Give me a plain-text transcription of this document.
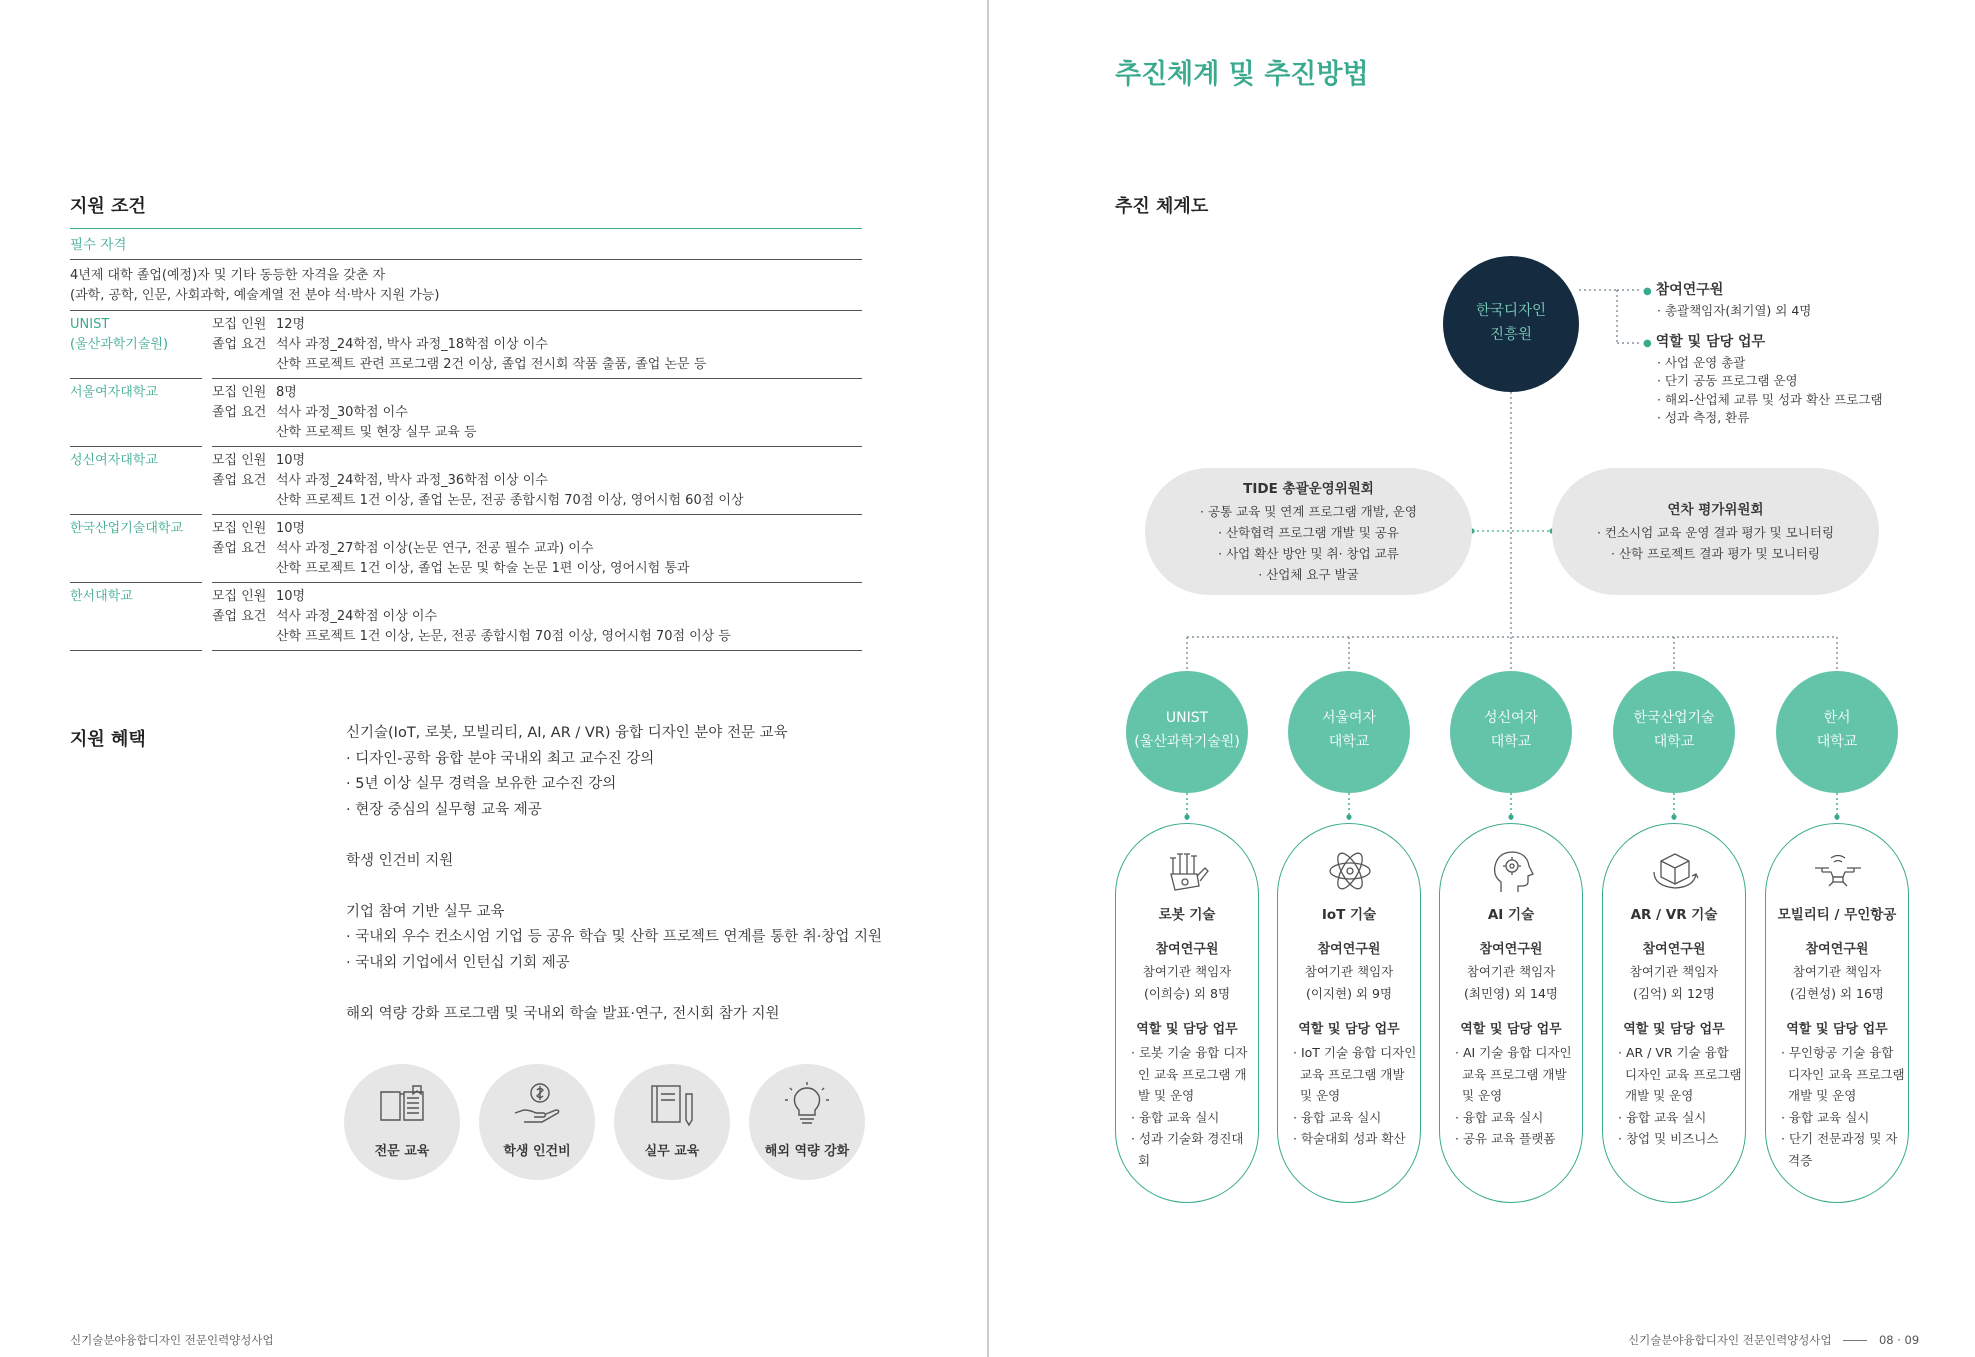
지원 조건
필수 자격
4년제 대학 졸업(예정)자 및 기타 동등한 자격을 갖춘 자
(과학, 공학, 인문, 사회과학, 예술계열 전 분야 석·박사 지원 가능)
UNIST
(울산과학기술원)
모집 인원 12명
졸업 요건 석사 과정_24학점, 박사 과정_18학점 이상 이수
산학 프로젝트 관련 프로그램 2건 이상, 졸업 전시회 작품 출품, 졸업 논문 등
서울여자대학교	모집 인원 8명
졸업 요건 석사 과정_30학점 이수
산학 프로젝트 및 현장 실무 교육 등
성신여자대학교	모집 인원 10명
졸업 요건 석사 과정_24학점, 박사 과정_36학점 이상 이수
산학 프로젝트 1건 이상, 졸업 논문, 전공 종합시험 70점 이상, 영어시험 60점 이상
한국산업기술대학교	모집 인원 10명
졸업 요건 석사 과정_27학점 이상(논문 연구, 전공 필수 교과) 이수
산학 프로젝트 1건 이상, 졸업 논문 및 학술 논문 1편 이상, 영어시험 통과
한서대학교	모집 인원 10명
졸업 요건 석사 과정_24학점 이상 이수
산학 프로젝트 1건 이상, 논문, 전공 종합시험 70점 이상, 영어시험 70점 이상 등
지원 혜택	신기술(IoT, 로봇, 모빌리티, AI, AR / VR) 융합 디자인 분야 전문 교육
· 디자인-공학 융합 분야 국내외 최고 교수진 강의
· 5년 이상 실무 경력을 보유한 교수진 강의
· 현장 중심의 실무형 교육 제공
학생 인건비 지원
기업 참여 기반 실무 교육
· 국내외 우수 컨소시엄 기업 등 공유 학습 및 산학 프로젝트 연계를 통한 취·창업 지원
· 국내외 기업에서 인턴십 기회 제공
해외 역량 강화 프로그램 및 국내외 학술 발표·연구, 전시회 참가 지원
전문 교육	학생 인건비	실무 교육	해외 역량 강화
신기술분야융합디자인 전문인력양성사업
추진체계 및 추진방법
추진 체계도
한국디자인
진흥원
● 참여연구원
· 총괄책임자(최기열) 외 4명
● 역할 및 담당 업무
· 사업 운영 총괄
· 단기 공동 프로그램 운영
· 해외-산업체 교류 및 성과 확산 프로그램
· 성과 측정, 환류
TIDE 총괄운영위원회
· 공통 교육 및 연계 프로그램 개발, 운영
· 산학협력 프로그램 개발 및 공유
· 사업 확산 방안 및 취· 창업 교류
· 산업체 요구 발굴
연차 평가위원회
· 컨소시엄 교육 운영 결과 평가 및 모니터링
· 산학 프로젝트 결과 평가 및 모니터링
UNIST
(울산과학기술원)
서울여자
대학교
성신여자
대학교
한국산업기술
대학교
한서
대학교
로봇 기술
참여연구원
참여기관 책임자
(이희승) 외 8명
역할 및 담당 업무
· 로봇 기술 융합 디자인 교육 프로그램 개발 및 운영
· 융합 교육 실시
· 성과 기술화 경진대회
IoT 기술
참여연구원
참여기관 책임자
(이지현) 외 9명
역할 및 담당 업무
· IoT 기술 융합 디자인 교육 프로그램 개발 및 운영
· 융합 교육 실시
· 학술대회 성과 확산
AI 기술
참여연구원
참여기관 책임자
(최민영) 외 14명
역할 및 담당 업무
· AI 기술 융합 디자인 교육 프로그램 개발 및 운영
· 융합 교육 실시
· 공유 교육 플랫폼
AR / VR 기술
참여연구원
참여기관 책임자
(김억) 외 12명
역할 및 담당 업무
· AR / VR 기술 융합 디자인 교육 프로그램 개발 및 운영
· 융합 교육 실시
· 창업 및 비즈니스
모빌리티 / 무인항공
참여연구원
참여기관 책임자
(김현성) 외 16명
역할 및 담당 업무
· 무인항공 기술 융합 디자인 교육 프로그램 개발 및 운영
· 융합 교육 실시
· 단기 전문과정 및 자격증
신기술분야융합디자인 전문인력양성사업	08 · 09
